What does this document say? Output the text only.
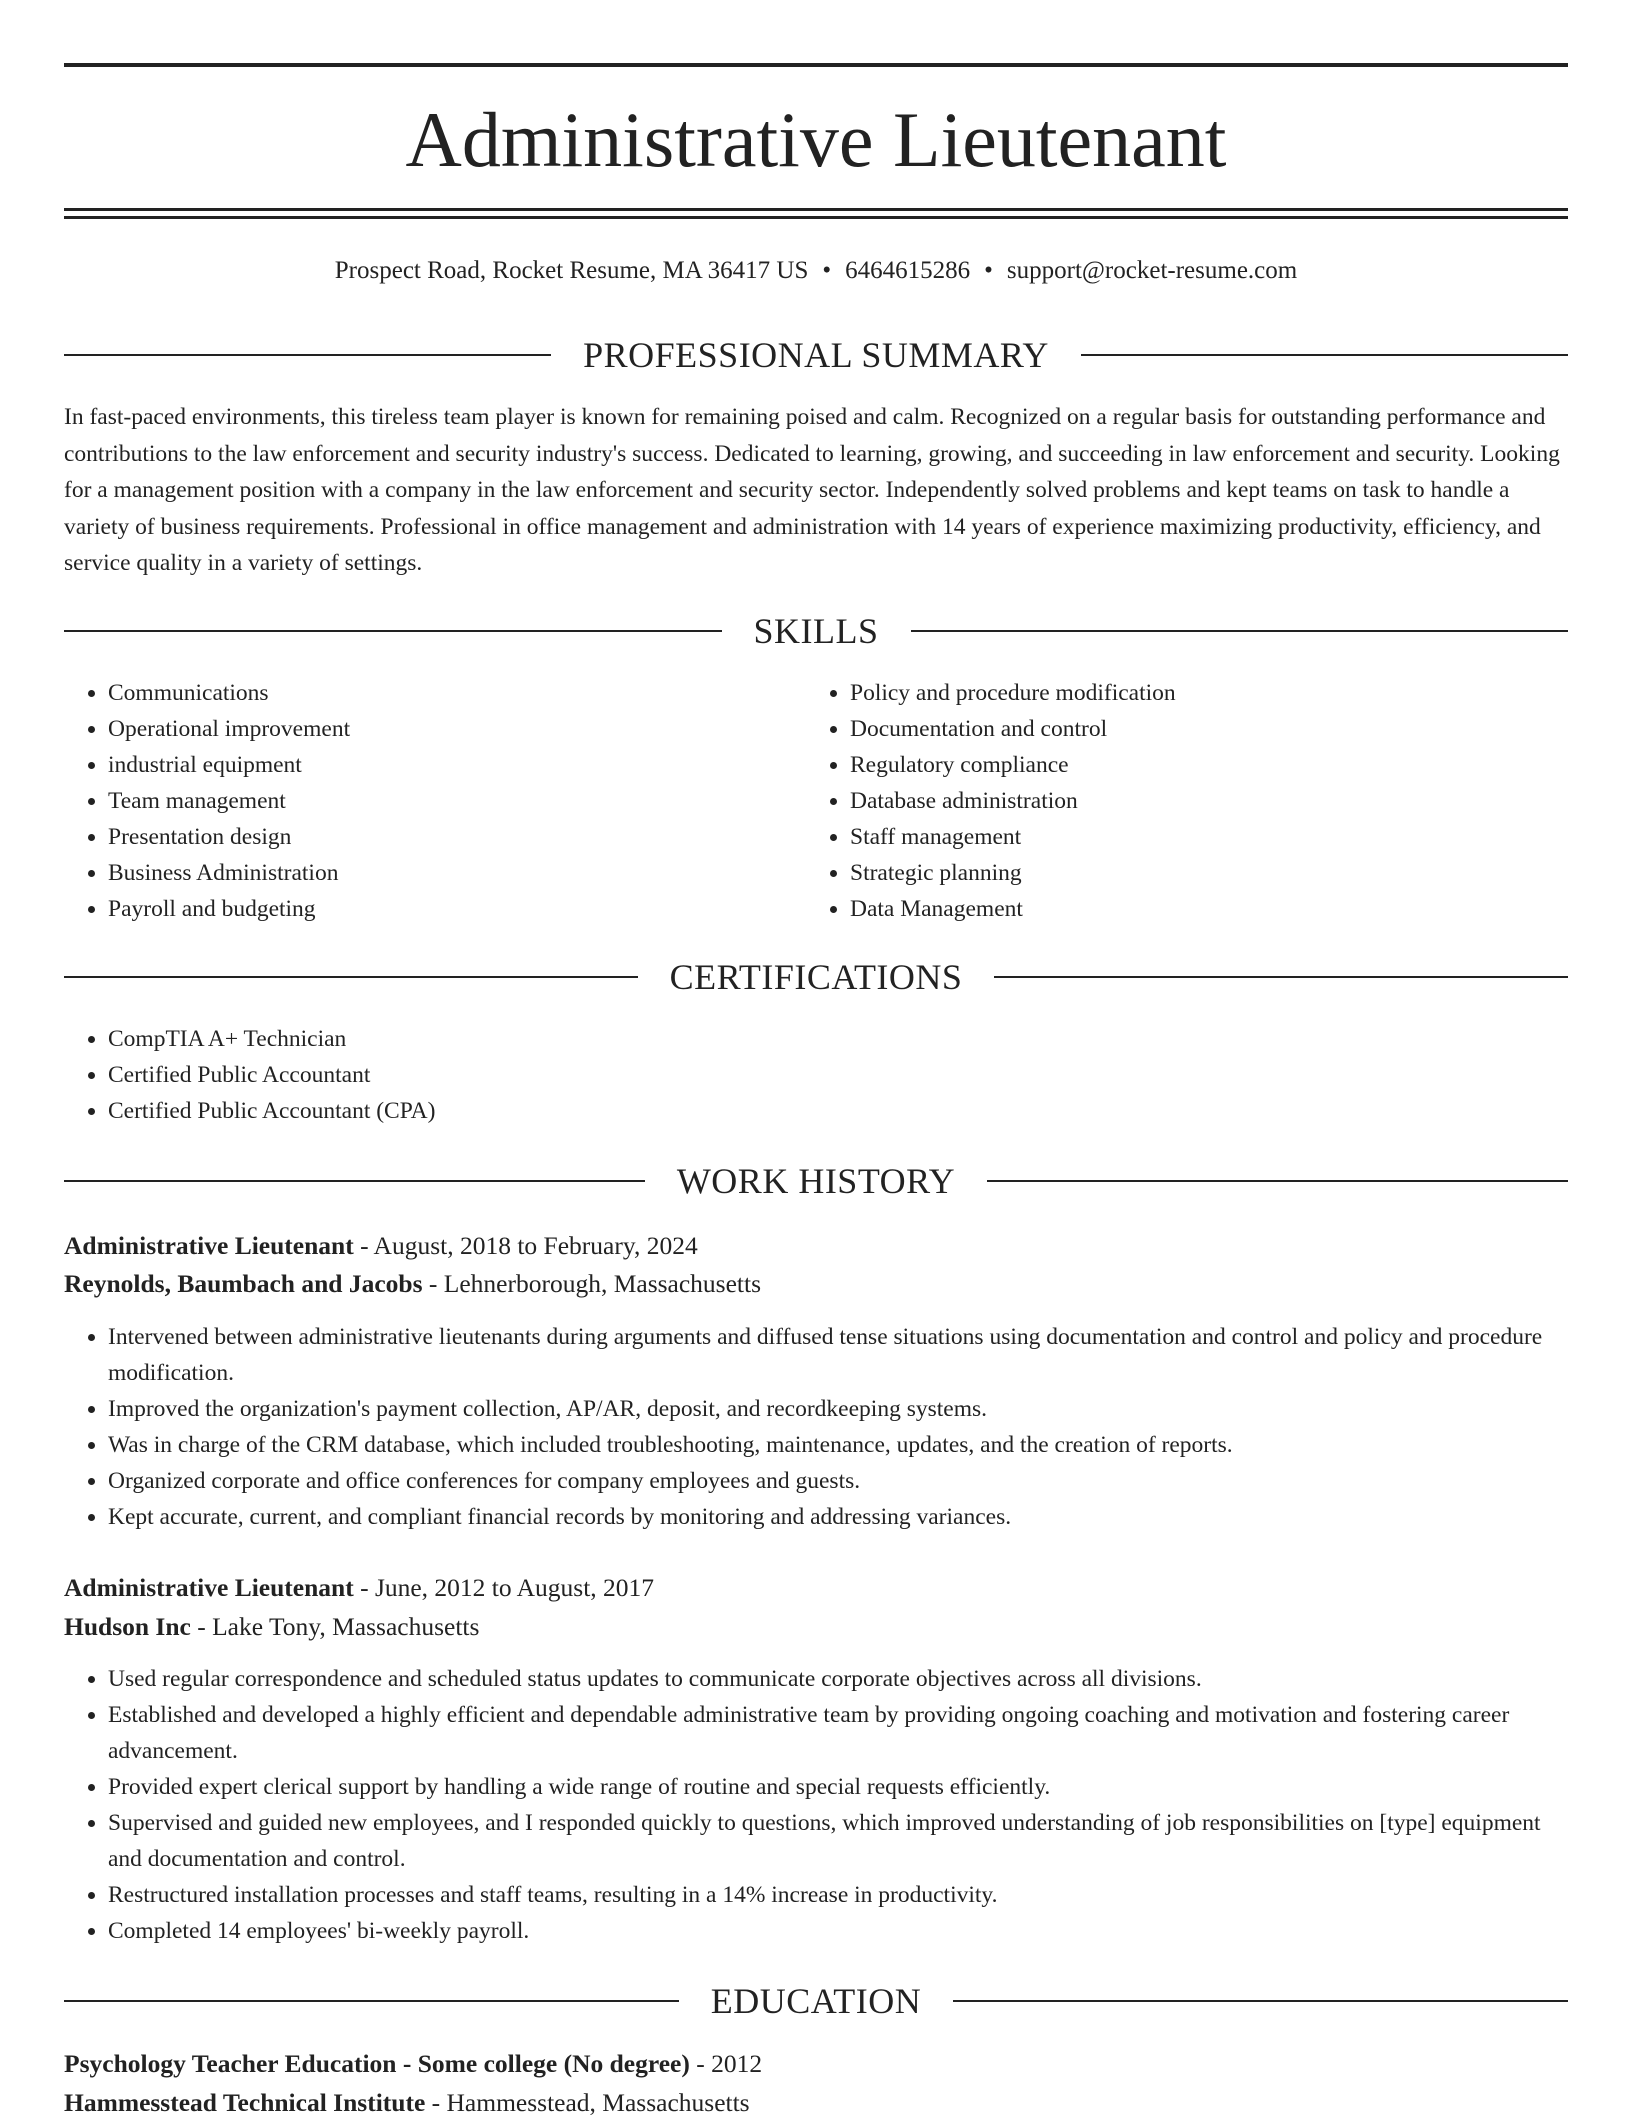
Administrative Lieutenant
Prospect Road, Rocket Resume, MA 36417 US • 6464615286 • support@rocket-resume.com
PROFESSIONAL SUMMARY
In fast-paced environments, this tireless team player is known for remaining poised and calm. Recognized on a regular basis for outstanding performance and contributions to the law enforcement and security industry's success. Dedicated to learning, growing, and succeeding in law enforcement and security. Looking for a management position with a company in the law enforcement and security sector. Independently solved problems and kept teams on task to handle a variety of business requirements. Professional in office management and administration with 14 years of experience maximizing productivity, efficiency, and service quality in a variety of settings.
SKILLS
• Communications
• Operational improvement
• industrial equipment
• Team management
• Presentation design
• Business Administration
• Payroll and budgeting
• Policy and procedure modification
• Documentation and control
• Regulatory compliance
• Database administration
• Staff management
• Strategic planning
• Data Management
CERTIFICATIONS
• CompTIA A+ Technician
• Certified Public Accountant
• Certified Public Accountant (CPA)
WORK HISTORY
Administrative Lieutenant - August, 2018 to February, 2024
Reynolds, Baumbach and Jacobs - Lehnerborough, Massachusetts
• Intervened between administrative lieutenants during arguments and diffused tense situations using documentation and control and policy and procedure modification.
• Improved the organization's payment collection, AP/AR, deposit, and recordkeeping systems.
• Was in charge of the CRM database, which included troubleshooting, maintenance, updates, and the creation of reports.
• Organized corporate and office conferences for company employees and guests.
• Kept accurate, current, and compliant financial records by monitoring and addressing variances.
Administrative Lieutenant - June, 2012 to August, 2017
Hudson Inc - Lake Tony, Massachusetts
• Used regular correspondence and scheduled status updates to communicate corporate objectives across all divisions.
• Established and developed a highly efficient and dependable administrative team by providing ongoing coaching and motivation and fostering career advancement.
• Provided expert clerical support by handling a wide range of routine and special requests efficiently.
• Supervised and guided new employees, and I responded quickly to questions, which improved understanding of job responsibilities on [type] equipment and documentation and control.
• Restructured installation processes and staff teams, resulting in a 14% increase in productivity.
• Completed 14 employees' bi-weekly payroll.
EDUCATION
Psychology Teacher Education - Some college (No degree) - 2012
Hammesstead Technical Institute - Hammesstead, Massachusetts
